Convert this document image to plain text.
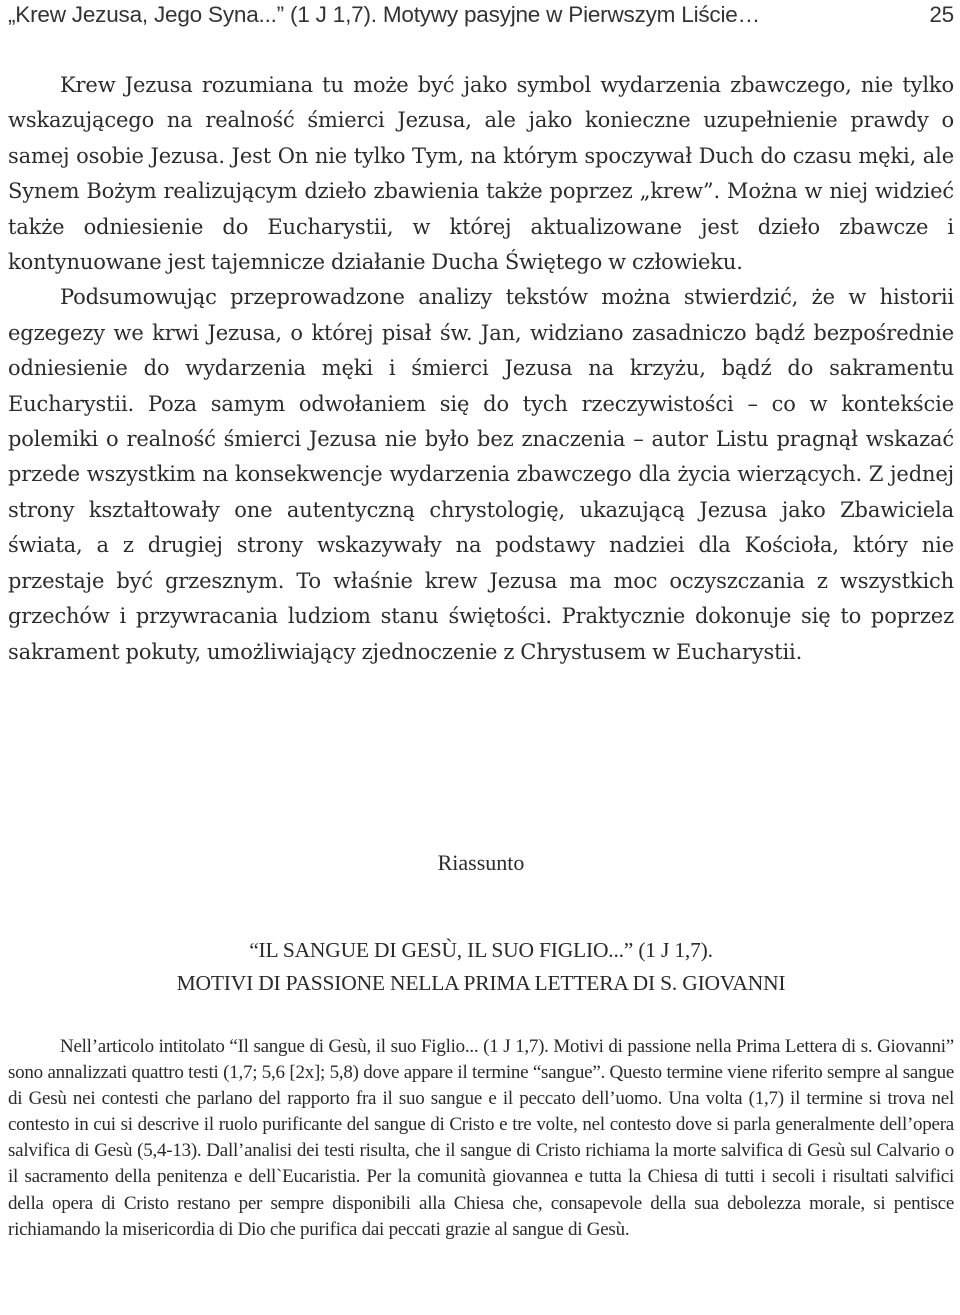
„Krew Jezusa, Jego Syna...” (1 J 1,7). Motywy pasyjne w Pierwszym Liście…	25

Krew Jezusa rozumiana tu może być jako symbol wydarzenia zbawczego, nie tylko wskazującego na realność śmierci Jezusa, ale jako konieczne uzupełnienie prawdy o samej osobie Jezusa. Jest On nie tylko Tym, na którym spoczywał Duch do czasu męki, ale Synem Bożym realizującym dzieło zbawienia także poprzez „krew”. Można w niej widzieć także odniesienie do Eucharystii, w której aktualizowane jest dzieło zbawcze i kontynuowane jest tajemnicze działanie Ducha Świętego w człowieku.

Podsumowując przeprowadzone analizy tekstów można stwierdzić, że w historii egzegezy we krwi Jezusa, o której pisał św. Jan, widziano zasadniczo bądź bezpośrednie odniesienie do wydarzenia męki i śmierci Jezusa na krzyżu, bądź do sakramentu Eucharystii. Poza samym odwołaniem się do tych rzeczywistości – co w kontekście polemiki o realność śmierci Jezusa nie było bez znaczenia – autor Listu pragnął wskazać przede wszystkim na konsekwencje wydarzenia zbawczego dla życia wierzących. Z jednej strony kształtowały one autentyczną chrystologię, ukazującą Jezusa jako Zbawiciela świata, a z drugiej strony wskazywały na podstawy nadziei dla Kościoła, który nie przestaje być grzesznym. To właśnie krew Jezusa ma moc oczyszczania z wszystkich grzechów i przywracania ludziom stanu świętości. Praktycznie dokonuje się to poprzez sakrament pokuty, umożliwiający zjednoczenie z Chrystusem w Eucharystii.

Riassunto
“IL SANGUE DI GESÙ, IL SUO FIGLIO...” (1 J 1,7).
MOTIVI DI PASSIONE NELLA PRIMA LETTERA DI S. GIOVANNI

Nell’articolo intitolato “Il sangue di Gesù, il suo Figlio... (1 J 1,7). Motivi di passione nella Prima Lettera di s. Giovanni” sono annalizzati quattro testi (1,7; 5,6 [2x]; 5,8) dove appare il termine “sangue”. Questo termine viene riferito sempre al sangue di Gesù nei contesti che parlano del rapporto fra il suo sangue e il peccato dell’uomo. Una volta (1,7) il termine si trova nel contesto in cui si descrive il ruolo purificante del sangue di Cristo e tre volte, nel contesto dove si parla generalmente dell’opera salvifica di Gesù (5,4-13). Dall’analisi dei testi risulta, che il sangue di Cristo richiama la morte salvifica di Gesù sul Calvario o il sacramento della penitenza e dell`Eucaristia. Per la comunità giovannea e tutta la Chiesa di tutti i secoli i risultati salvifici della opera di Cristo restano per sempre disponibili alla Chiesa che, consapevole della sua debolezza morale, si pentisce richiamando la misericordia di Dio che purifica dai peccati grazie al sangue di Gesù.
